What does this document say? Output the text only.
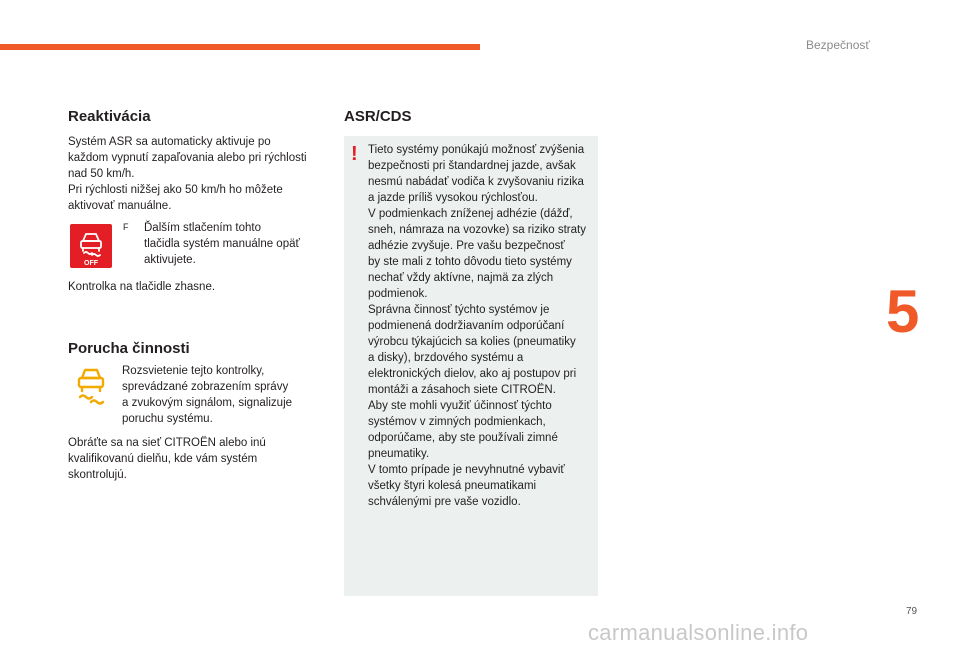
Bezpečnosť
5
Reaktivácia
Systém ASR sa automaticky aktivuje po
každom vypnutí zapaľovania alebo pri rýchlosti
nad 50 km/h.
Pri rýchlosti nižšej ako 50 km/h ho môžete
aktivovať manuálne.
OFF
F Ďalším stlačením tohto
tlačidla systém manuálne opäť
aktivujete.
Kontrolka na tlačidle zhasne.
Porucha činnosti
Rozsvietenie tejto kontrolky,
sprevádzané zobrazením správy
a zvukovým signálom, signalizuje
poruchu systému.
Obráťte sa na sieť CITROËN alebo inú
kvalifikovanú dielňu, kde vám systém
skontrolujú.
ASR/CDS
! Tieto systémy ponúkajú možnosť zvýšenia
bezpečnosti pri štandardnej jazde, avšak
nesmú nabádať vodiča k zvyšovaniu rizika
a jazde príliš vysokou rýchlosťou.
V podmienkach zníženej adhézie (dážď,
sneh, námraza na vozovke) sa riziko straty
adhézie zvyšuje. Pre vašu bezpečnosť
by ste mali z tohto dôvodu tieto systémy
nechať vždy aktívne, najmä za zlých
podmienok.
Správna činnosť týchto systémov je
podmienená dodržiavaním odporúčaní
výrobcu týkajúcich sa kolies (pneumatiky
a disky), brzdového systému a
elektronických dielov, ako aj postupov pri
montáži a zásahoch siete CITROËN.
Aby ste mohli využiť účinnosť týchto
systémov v zimných podmienkach,
odporúčame, aby ste používali zimné
pneumatiky.
V tomto prípade je nevyhnutné vybaviť
všetky štyri kolesá pneumatikami
schválenými pre vaše vozidlo.
79
carmanualsonline.info
